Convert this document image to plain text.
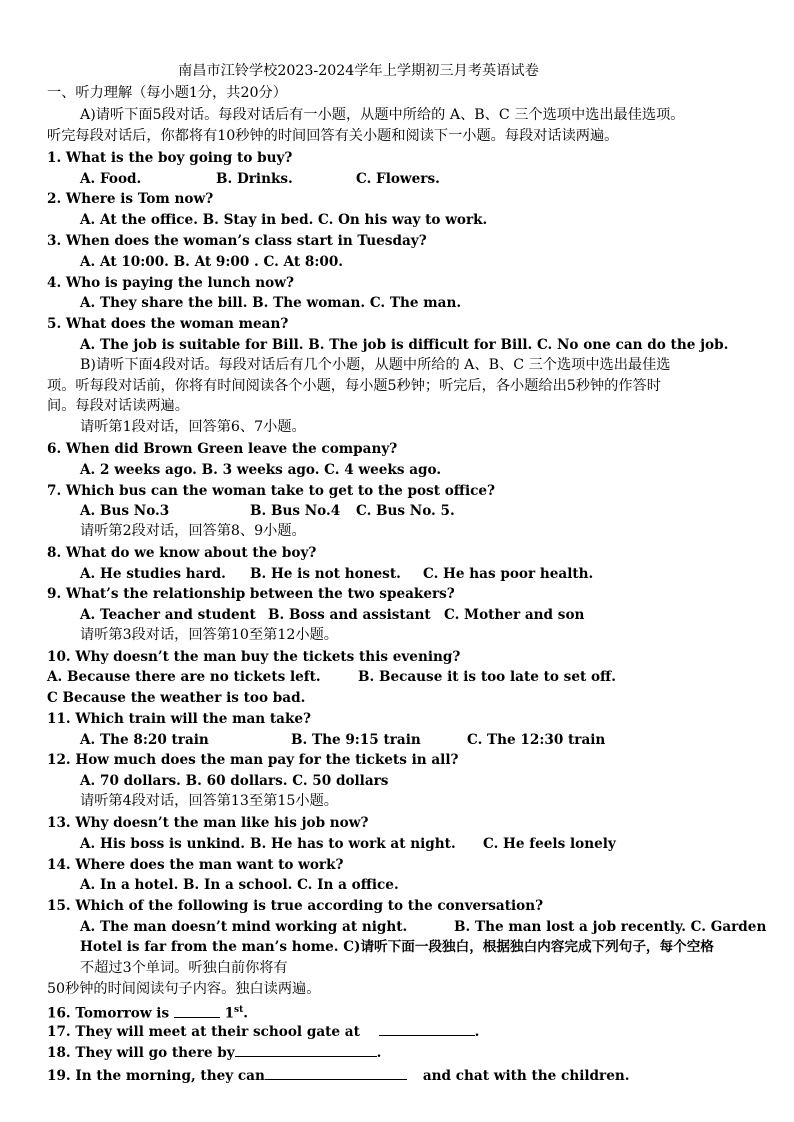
南昌市江铃学校2023-2024学年上学期初三月考英语试卷
一、听力理解（每小题1分，共20分）
A)请听下面5段对话。每段对话后有一小题，从题中所给的 A、B、C 三个选项中选出最佳选项。
听完每段对话后，你都将有10秒钟的时间回答有关小题和阅读下一小题。每段对话读两遍。
1. What is the boy going to buy?
A. Food.	B. Drinks.	C. Flowers.
2. Where is Tom now?
A. At the office. B. Stay in bed. C. On his way to work.
3. When does the woman’s class start in Tuesday?
A. At 10:00. B. At 9:00 . C. At 8:00.
4. Who is paying the lunch now?
A. They share the bill. B. The woman. C. The man.
5. What does the woman mean?
A. The job is suitable for Bill. B. The job is difficult for Bill. C. No one can do the job.
B)请听下面4段对话。每段对话后有几个小题，从题中所给的 A、B、C 三个选项中选出最佳选
项。听每段对话前，你将有时间阅读各个小题，每小题5秒钟；听完后，各小题给出5秒钟的作答时
间。每段对话读两遍。
请听第1段对话，回答第6、7小题。
6. When did Brown Green leave the company?
A. 2 weeks ago. B. 3 weeks ago. C. 4 weeks ago.
7. Which bus can the woman take to get to the post office?
A. Bus No.3	B. Bus No.4 C. Bus No. 5.
请听第2段对话，回答第8、9小题。
8. What do we know about the boy?
A. He studies hard. B. He is not honest. C. He has poor health.
9. What’s the relationship between the two speakers?
A. Teacher and student B. Boss and assistant C. Mother and son
请听第3段对话，回答第10至第12小题。
10. Why doesn’t the man buy the tickets this evening?
A. Because there are no tickets left.	B. Because it is too late to set off.
C Because the weather is too bad.
11. Which train will the man take?
A. The 8:20 train	B. The 9:15 train	C. The 12:30 train
12. How much does the man pay for the tickets in all?
A. 70 dollars. B. 60 dollars. C. 50 dollars
请听第4段对话，回答第13至第15小题。
13. Why doesn’t the man like his job now?
A. His boss is unkind. B. He has to work at night. C. He feels lonely
14. Where does the man want to work?
A. In a hotel. B. In a school. C. In a office.
15. Which of the following is true according to the conversation?
A. The man doesn’t mind working at night.	B. The man lost a job recently. C. Garden
Hotel is far from the man’s home. C)请听下面一段独白，根据独白内容完成下列句子，每个空格
不超过3个单词。听独白前你将有
50秒钟的时间阅读句子内容。独白读两遍。
16. Tomorrow is	1st.
17. They will meet at their school gate at	.
18. They will go there by	.
19. In the morning, they can	and chat with the children.
